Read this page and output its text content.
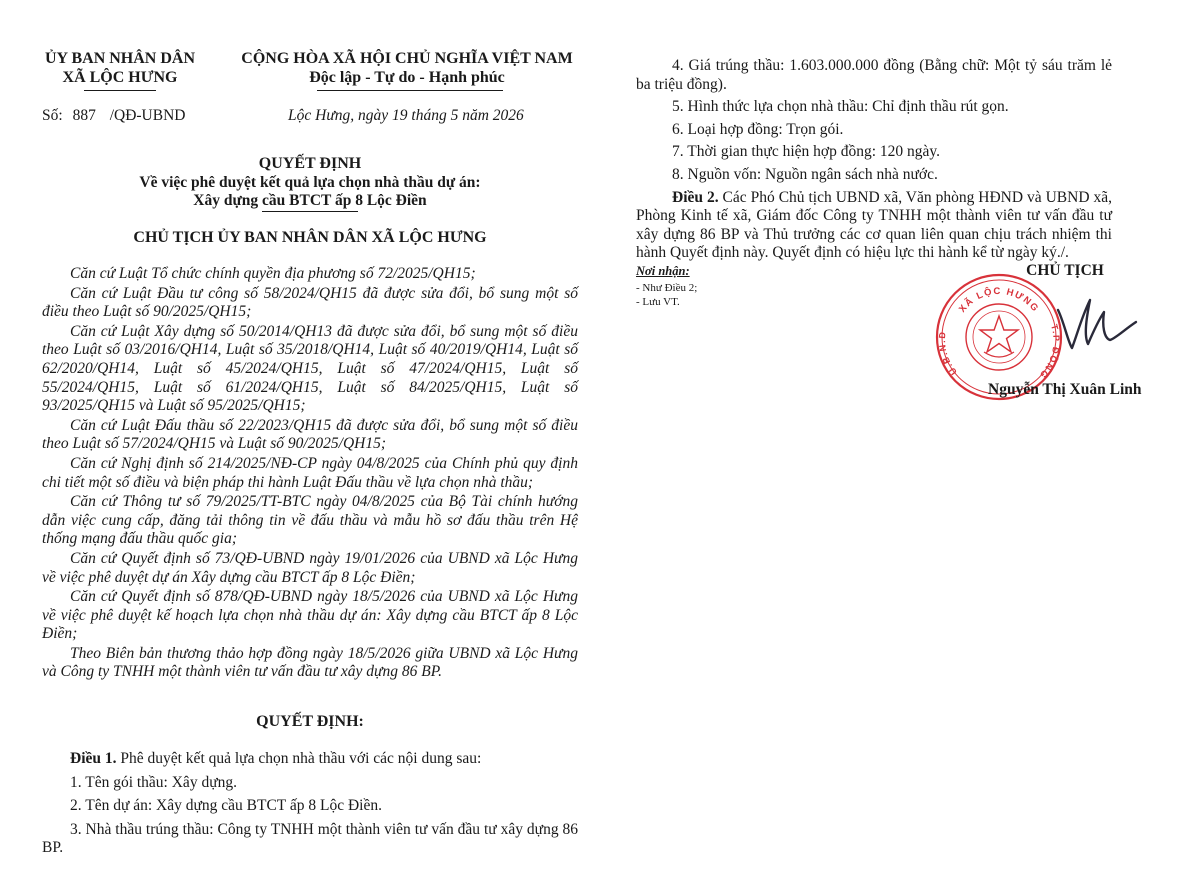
ỦY BAN NHÂN DÂN
XÃ LỘC HƯNG
CỘNG HÒA XÃ HỘI CHỦ NGHĨA VIỆT NAM
Độc lập - Tự do - Hạnh phúc
Số: 887 /QĐ-UBND	Lộc Hưng, ngày 19 tháng 5 năm 2026
QUYẾT ĐỊNH
Về việc phê duyệt kết quả lựa chọn nhà thầu dự án:
Xây dựng cầu BTCT ấp 8 Lộc Điền
CHỦ TỊCH ỦY BAN NHÂN DÂN XÃ LỘC HƯNG

Căn cứ Luật Tổ chức chính quyền địa phương số 72/2025/QH15;

Căn cứ Luật Đầu tư công số 58/2024/QH15 đã được sửa đổi, bổ sung một số điều theo Luật số 90/2025/QH15;

Căn cứ Luật Xây dựng số 50/2014/QH13 đã được sửa đổi, bổ sung một số điều theo Luật số 03/2016/QH14, Luật số 35/2018/QH14, Luật số 40/2019/QH14, Luật số 62/2020/QH14, Luật số 45/2024/QH15, Luật số 47/2024/QH15, Luật số 55/2024/QH15, Luật số 61/2024/QH15, Luật số 84/2025/QH15, Luật số 93/2025/QH15 và Luật số 95/2025/QH15;

Căn cứ Luật Đấu thầu số 22/2023/QH15 đã được sửa đổi, bổ sung một số điều theo Luật số 57/2024/QH15 và Luật số 90/2025/QH15;

Căn cứ Nghị định số 214/2025/NĐ-CP ngày 04/8/2025 của Chính phủ quy định chi tiết một số điều và biện pháp thi hành Luật Đấu thầu về lựa chọn nhà thầu;

Căn cứ Thông tư số 79/2025/TT-BTC ngày 04/8/2025 của Bộ Tài chính hướng dẫn việc cung cấp, đăng tải thông tin về đấu thầu và mẫu hồ sơ đấu thầu trên Hệ thống mạng đấu thầu quốc gia;

Căn cứ Quyết định số 73/QĐ-UBND ngày 19/01/2026 của UBND xã Lộc Hưng về việc phê duyệt dự án Xây dựng cầu BTCT ấp 8 Lộc Điền;

Căn cứ Quyết định số 878/QĐ-UBND ngày 18/5/2026 của UBND xã Lộc Hưng về việc phê duyệt kế hoạch lựa chọn nhà thầu dự án: Xây dựng cầu BTCT ấp 8 Lộc Điền;

Theo Biên bản thương thảo hợp đồng ngày 18/5/2026 giữa UBND xã Lộc Hưng và Công ty TNHH một thành viên tư vấn đầu tư xây dựng 86 BP.

QUYẾT ĐỊNH:

Điều 1. Phê duyệt kết quả lựa chọn nhà thầu với các nội dung sau:

1. Tên gói thầu: Xây dựng.

2. Tên dự án: Xây dựng cầu BTCT ấp 8 Lộc Điền.

3. Nhà thầu trúng thầu: Công ty TNHH một thành viên tư vấn đầu tư xây dựng 86 BP.

4. Giá trúng thầu: 1.603.000.000 đồng (Bằng chữ: Một tỷ sáu trăm lẻ ba triệu đồng).

5. Hình thức lựa chọn nhà thầu: Chỉ định thầu rút gọn.

6. Loại hợp đồng: Trọn gói.

7. Thời gian thực hiện hợp đồng: 120 ngày.

8. Nguồn vốn: Nguồn ngân sách nhà nước.

Điều 2. Các Phó Chủ tịch UBND xã, Văn phòng HĐND và UBND xã, Phòng Kinh tế xã, Giám đốc Công ty TNHH một thành viên tư vấn đầu tư xây dựng 86 BP và Thủ trưởng các cơ quan liên quan chịu trách nhiệm thi hành Quyết định này. Quyết định có hiệu lực thi hành kể từ ngày ký./.

Nơi nhận:
- Như Điều 2;
- Lưu VT.
CHỦ TỊCH
XÃ LỘC HƯNG
U.B.N.D
T.P ĐỒNG
Nguyễn Thị Xuân Linh
